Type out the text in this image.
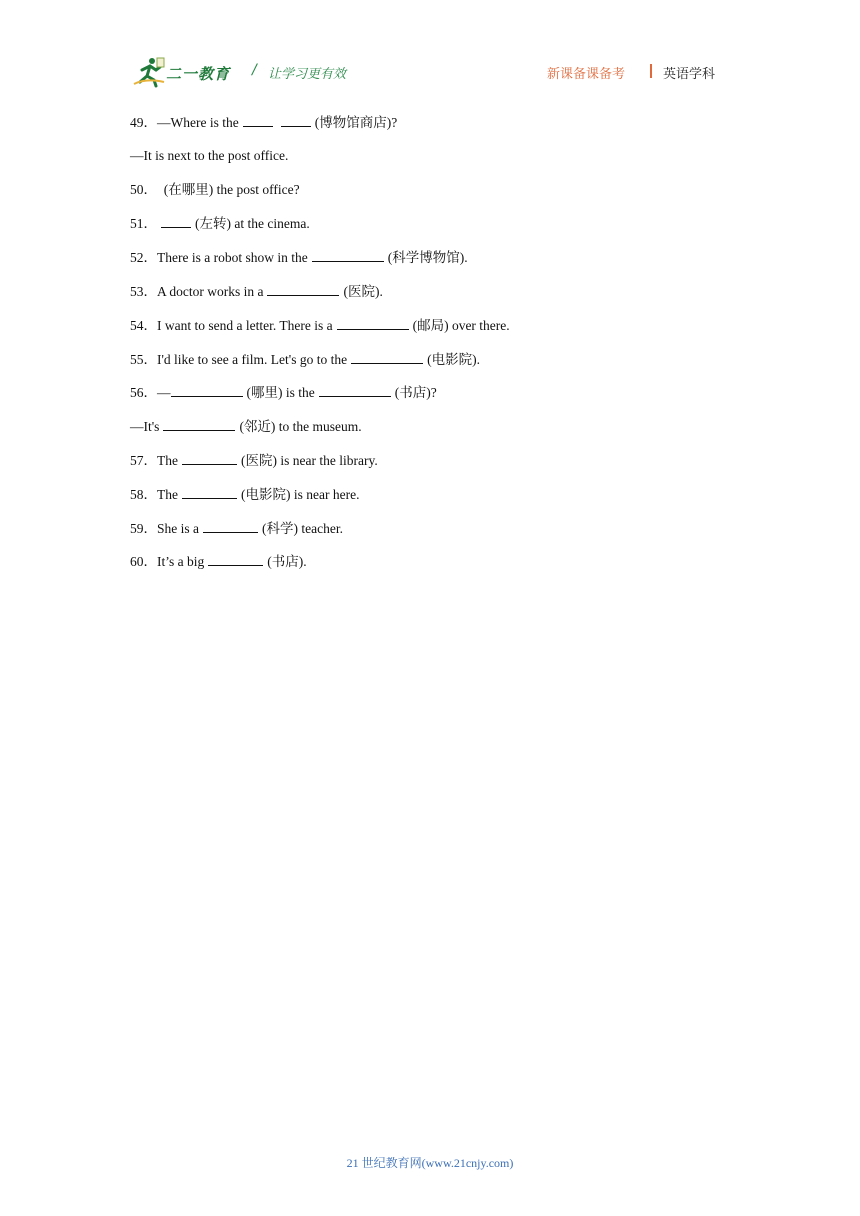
二一教育 / 让学习更有效	新课备课备考	英语学科
49．—Where is the	(博物馆商店)?
—It is next to the post office.
50．  (在哪里) the post office?
51．	(左转) at the cinema.
52．There is a robot show in the	(科学博物馆).
53．A doctor works in a	(医院).
54．I want to send a letter. There is a	(邮局) over there.
55．I'd like to see a film. Let's go to the	(电影院).
56．—	(哪里) is the	(书店)?
—It's	(邻近) to the museum.
57．The	(医院) is near the library.
58．The	(电影院) is near here.
59．She is a	(科学) teacher.
60．It’s a big	(书店).
21 世纪教育网(www.21cnjy.com)
